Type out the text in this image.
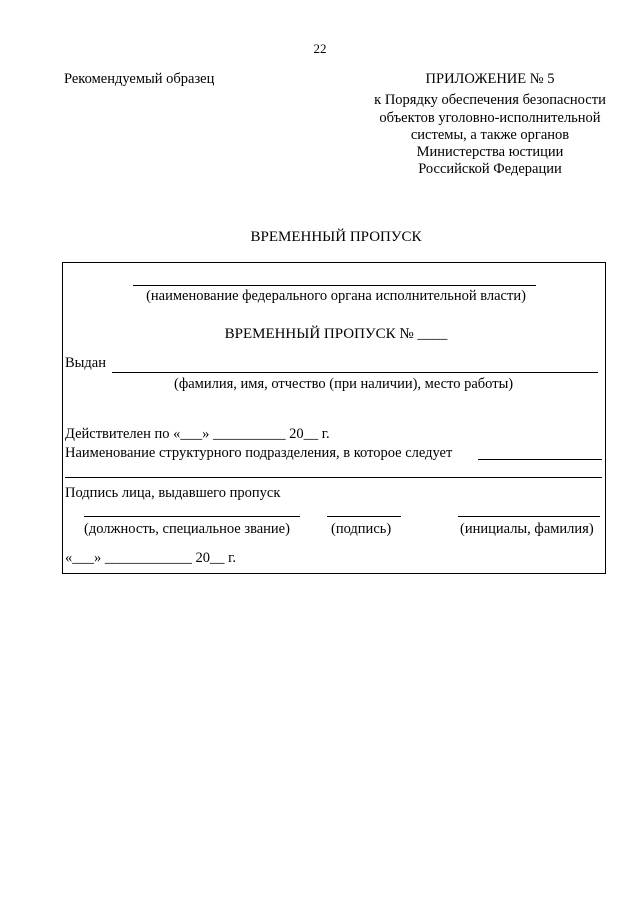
22
Рекомендуемый образец	ПРИЛОЖЕНИЕ № 5
к Порядку обеспечения безопасности
объектов уголовно-исполнительной
системы, а также органов
Министерства юстиции
Российской Федерации
ВРЕМЕННЫЙ ПРОПУСК
(наименование федерального органа исполнительной власти)
ВРЕМЕННЫЙ ПРОПУСК № ____
Выдан
(фамилия, имя, отчество (при наличии), место работы)
Действителен по «___» __________ 20__ г.
Наименование структурного подразделения, в которое следует
Подпись лица, выдавшего пропуск
(должность, специальное звание)	(подпись)	(инициалы, фамилия)
«___» ____________ 20__ г.
